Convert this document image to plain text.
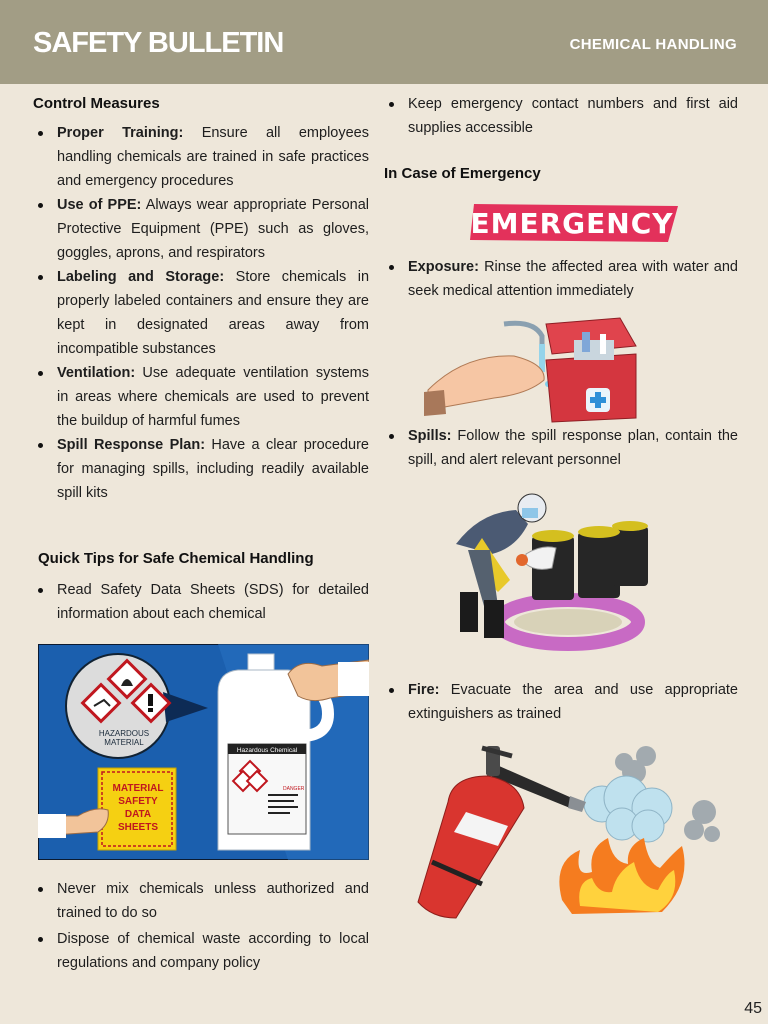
SAFETY BULLETIN	CHEMICAL HANDLING
Control Measures
Proper Training: Ensure all employees handling chemicals are trained in safe practices and emergency procedures
Use of PPE: Always wear appropriate Personal Protective Equipment (PPE) such as gloves, goggles, aprons, and respirators
Labeling and Storage: Store chemicals in properly labeled containers and ensure they are kept in designated areas away from incompatible substances
Ventilation: Use adequate ventilation systems in areas where chemicals are used to prevent the buildup of harmful fumes
Spill Response Plan: Have a clear procedure for managing spills, including readily available spill kits
Quick Tips for Safe Chemical Handling
Read Safety Data Sheets (SDS) for detailed information about each chemical
HAZARDOUS
MATERIAL
Hazardous Chemical
DANGER
MATERIAL
SAFETY
DATA
SHEETS
Never mix chemicals unless authorized and trained to do so
Dispose of chemical waste according to local regulations and company policy
Keep emergency contact numbers and first aid supplies accessible
In Case of Emergency
EMERGENCY
Exposure: Rinse the affected area with water and seek medical attention immediately
Spills: Follow the spill response plan, contain the spill, and alert relevant personnel
Fire: Evacuate the area and use appropriate extinguishers as trained
45
